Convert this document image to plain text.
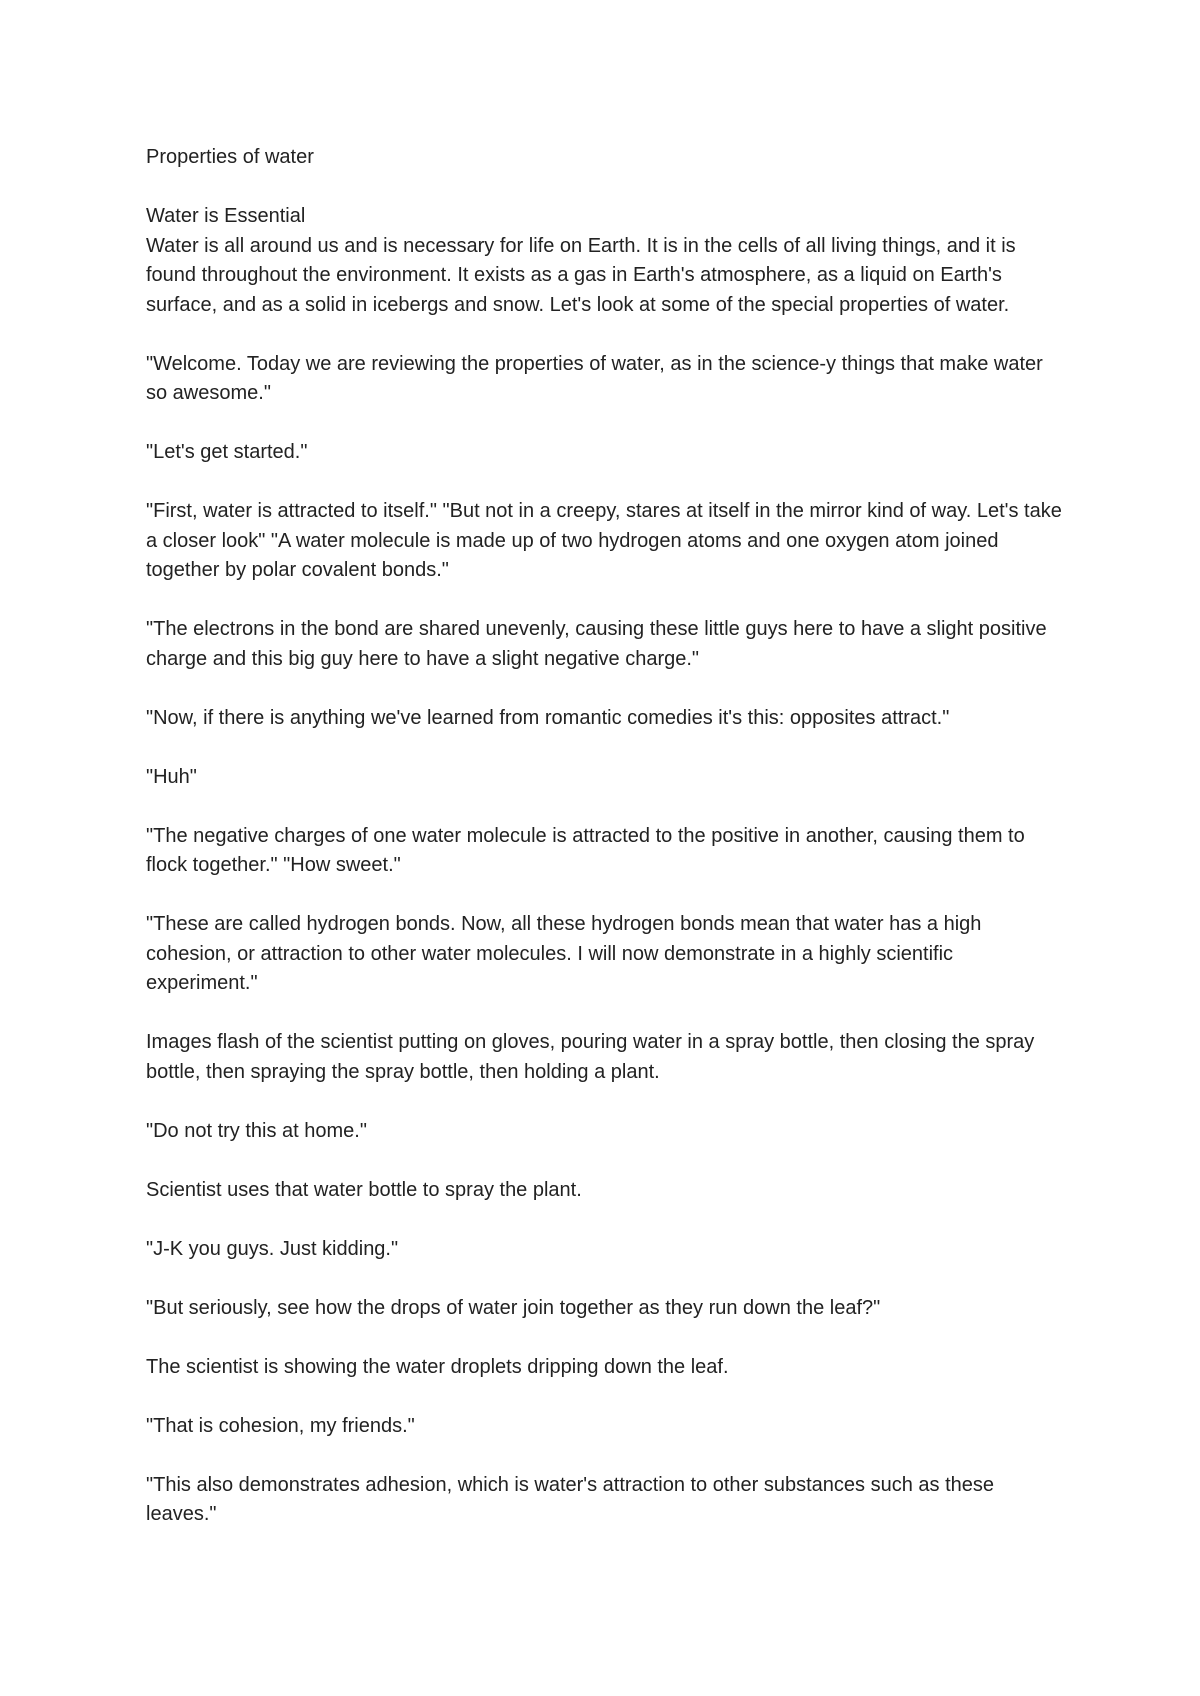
Properties of water

Water is Essential

Water is all around us and is necessary for life on Earth. It is in the cells of all living things, and it is found throughout the environment. It exists as a gas in Earth's atmosphere, as a liquid on Earth's surface, and as a solid in icebergs and snow. Let's look at some of the special properties of water.

"Welcome. Today we are reviewing the properties of water, as in the science-y things that make water so awesome."

"Let's get started."

"First, water is attracted to itself." "But not in a creepy, stares at itself in the mirror kind of way. Let's take a closer look" "A water molecule is made up of two hydrogen atoms and one oxygen atom joined together by polar covalent bonds."

"The electrons in the bond are shared unevenly, causing these little guys here to have a slight positive charge and this big guy here to have a slight negative charge."

"Now, if there is anything we've learned from romantic comedies it's this: opposites attract."

"Huh"

"The negative charges of one water molecule is attracted to the positive in another, causing them to flock together." "How sweet."

"These are called hydrogen bonds. Now, all these hydrogen bonds mean that water has a high cohesion, or attraction to other water molecules. I will now demonstrate in a highly scientific experiment."

Images flash of the scientist putting on gloves, pouring water in a spray bottle, then closing the spray bottle, then spraying the spray bottle, then holding a plant.

"Do not try this at home."

Scientist uses that water bottle to spray the plant.

"J-K you guys. Just kidding."

"But seriously, see how the drops of water join together as they run down the leaf?"

The scientist is showing the water droplets dripping down the leaf.

"That is cohesion, my friends."

"This also demonstrates adhesion, which is water's attraction to other substances such as these leaves."
